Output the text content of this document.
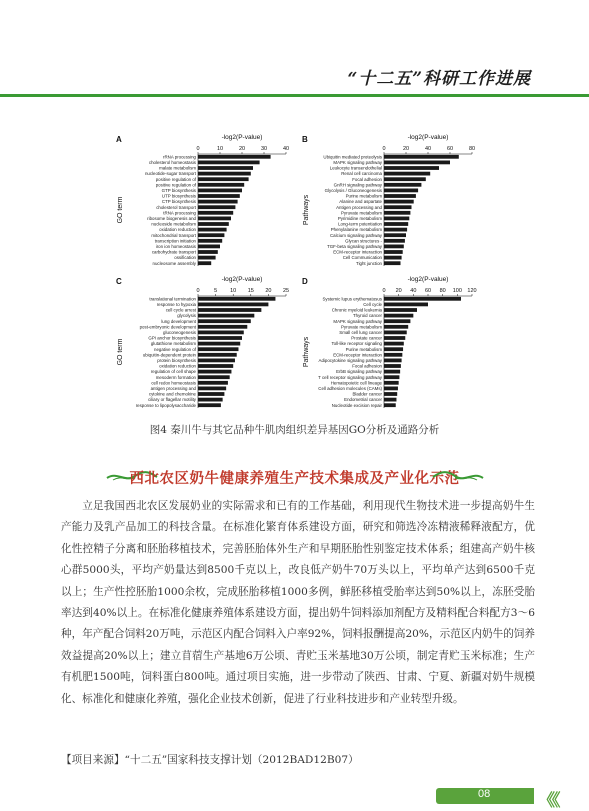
“十二五”科研工作进展
A	-log2(P-value)
0	10	20	30	40
rRNA processing
cholesterol homeostasis
malate metabolism
nucleotide-sugar transport
positive regulation of
positive regulation of
GTP biosynthesis
UTP biosynthesis
CTP biosynthesis
cholesterol transport
tRNA processing
ribosome biogenesis and
nucleoside metabolism
oxidation reduction
mitochondrial transport
transcription initiation
iron ion homeostasis
carbohydrate transport
ossification
nucleosome assembly
GO term
B	-log2(P-value)
0	20	40	60	80
Ubiquitin mediated proteolysis
MAPK signaling pathway
Leukocyte transendothelial
Renal cell carcinoma
Focal adhesion
GnRH signaling pathway
Glycolysis / Gluconeogenesis
Purine metabolism
Alanine and aspartate
Antigen processing and
Pyruvate metabolism
Pyrimidine metabolism
Long-term potentiation
Phenylalanine metabolism
Calcium signaling pathway
Glycan structures -
TGF-beta signaling pathway
ECM-receptor interaction
Cell Communication
Tight junction
Pathways
C	-log2(P-value)
0	5 10 15 20 25
translational termination
response to hypoxia
cell cycle arrest
glycolysis
lung development
post-embryonic development
gluconeogenesis
GPI anchor biosynthesis
glutathione metabolism
negative regulation of
ubiquitin-dependent protein
protein biosynthesis
oxidation reduction
regulation of cell shape
mesoderm formation
cell redox homeostasis
antigen processing and
cytokine and chemokine
ciliary or flagellar motility
response to lipopolysaccharide
GO term
D	-log2(P-value)
0 20 40 60 80 100 120
Systemic lupus erythematosus
Cell cycle
Chronic myeloid leukemia
Thyroid cancer
MAPK signaling pathway
Pyruvate metabolism
Small cell lung cancer
Prostate cancer
Toll-like receptor signaling
Purine metabolism
ECM-receptor interaction
Adipocytokine signaling pathway
Focal adhesion
ErbB signaling pathway
T cell receptor signaling pathway
Hematopoietic cell lineage
Cell adhesion molecules (CAMs)
Bladder cancer
Endometrial cancer
Nucleotide excision repair
Pathways
图4 秦川牛与其它品种牛肌肉组织差异基因GO分析及通路分析
西北农区奶牛健康养殖生产技术集成及产业化示范
立足我国西北农区发展奶业的实际需求和已有的工作基础，利用现代生物技术进一步提高奶牛生产能力及乳产品加工的科技含量。在标准化繁育体系建设方面，研究和筛选冷冻精液稀释液配方，优化性控精子分离和胚胎移植技术，完善胚胎体外生产和早期胚胎性别鉴定技术体系；组建高产奶牛核心群5000头，平均产奶量达到8500千克以上，改良低产奶牛70万头以上，平均单产达到6500千克以上；生产性控胚胎1000余枚，完成胚胎移植1000多例，鲜胚移植受胎率达到50%以上，冻胚受胎率达到40%以上。在标准化健康养殖体系建设方面，提出奶牛饲料添加剂配方及精料配合料配方3～6种，年产配合饲料20万吨，示范区内配合饲料入户率92%，饲料报酬提高20%，示范区内奶牛的饲养效益提高20%以上；建立苜蓿生产基地6万公顷、青贮玉米基地30万公顷，制定青贮玉米标准；生产有机肥1500吨，饲料蛋白800吨。通过项目实施，进一步带动了陕西、甘肃、宁夏、新疆对奶牛规模化、标准化和健康化养殖，强化企业技术创新，促进了行业科技进步和产业转型升级。
【项目来源】“十二五”国家科技支撑计划（2012BAD12B07）
08	《《
